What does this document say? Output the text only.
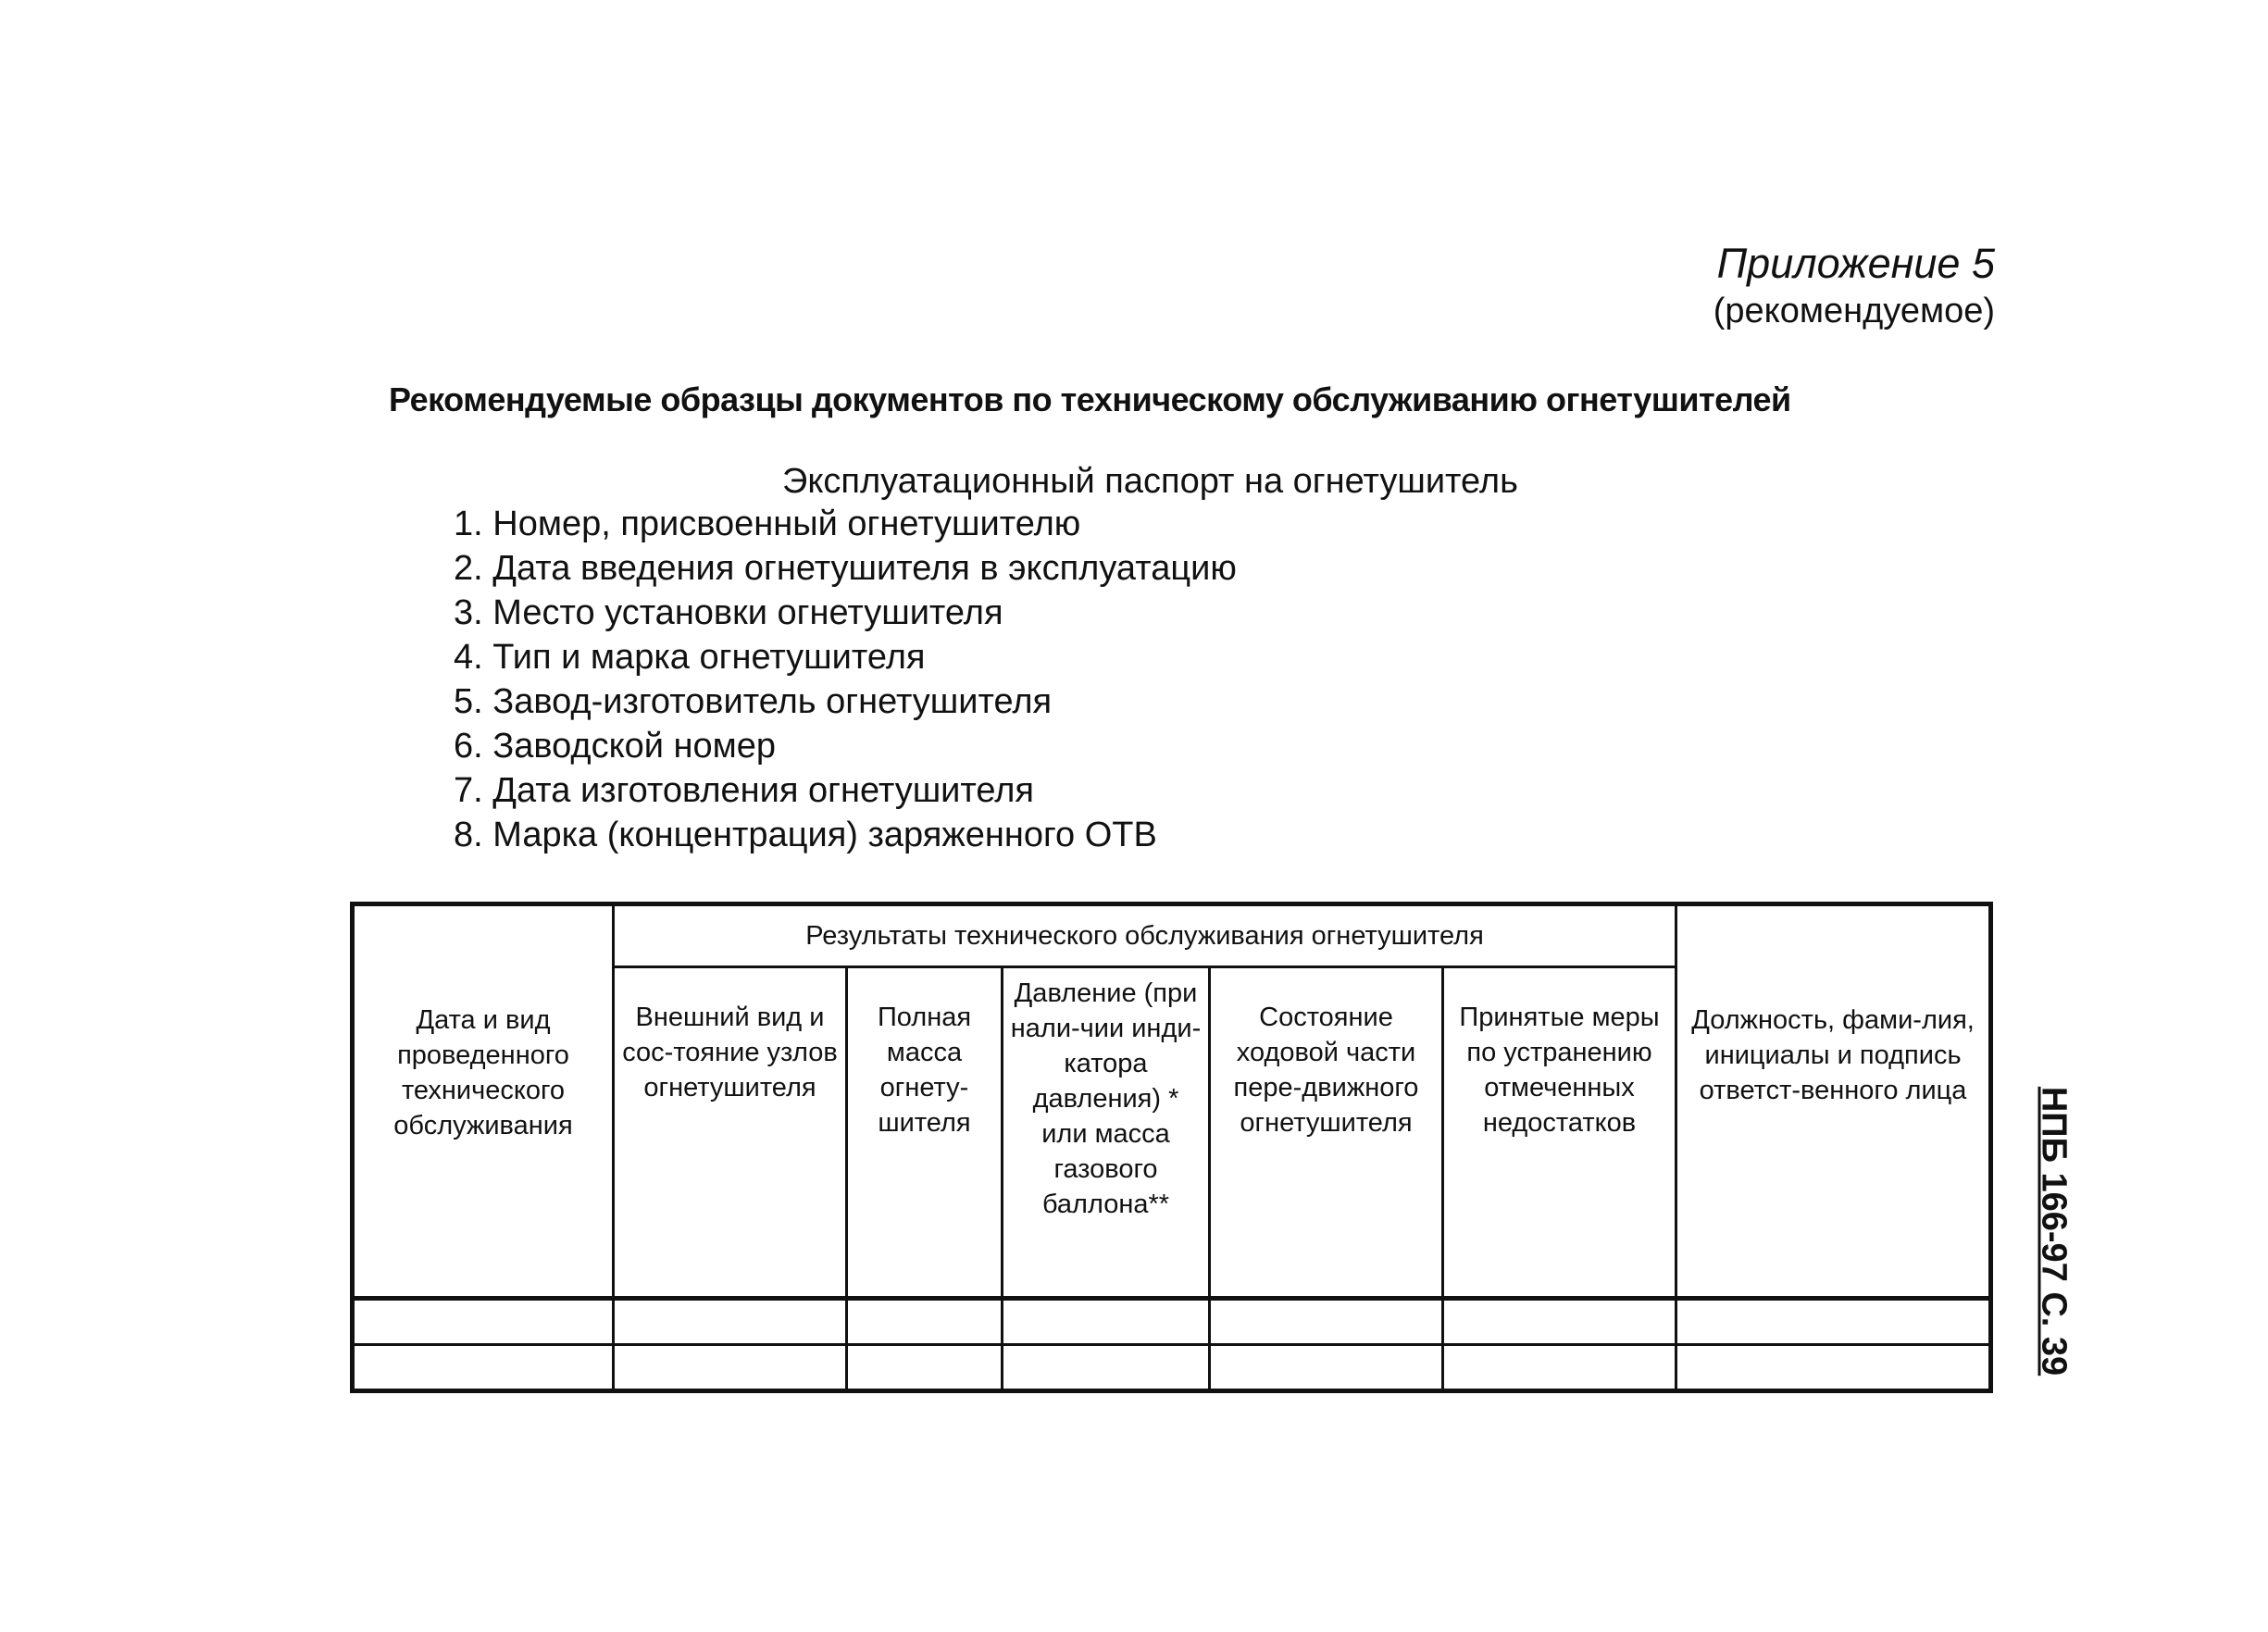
Приложение 5
(рекомендуемое)
Рекомендуемые образцы документов по техническому обслуживанию огнетушителей
Эксплуатационный паспорт на огнетушитель
1. Номер, присвоенный огнетушителю
2. Дата введения огнетушителя в эксплуатацию
3. Место установки огнетушителя
4. Тип и марка огнетушителя
5. Завод-изготовитель огнетушителя
6. Заводской номер
7. Дата изготовления огнетушителя
8. Марка (концентрация) заряженного ОТВ
Дата и вид проведенного технического обслуживания	Результаты технического обслуживания огнетушителя					Должность, фами-лия, инициалы и подпись ответст-венного лица
	Внешний вид и сос-тояние узлов огнетушителя	Полная масса огнету-шителя	Давление (при нали-чии инди-катора давления) * или масса газового баллона**	Состояние ходовой части пере-движного огнетушителя	Принятые меры по устранению отмеченных недостатков	

							НПБ 166-97 С. 39
